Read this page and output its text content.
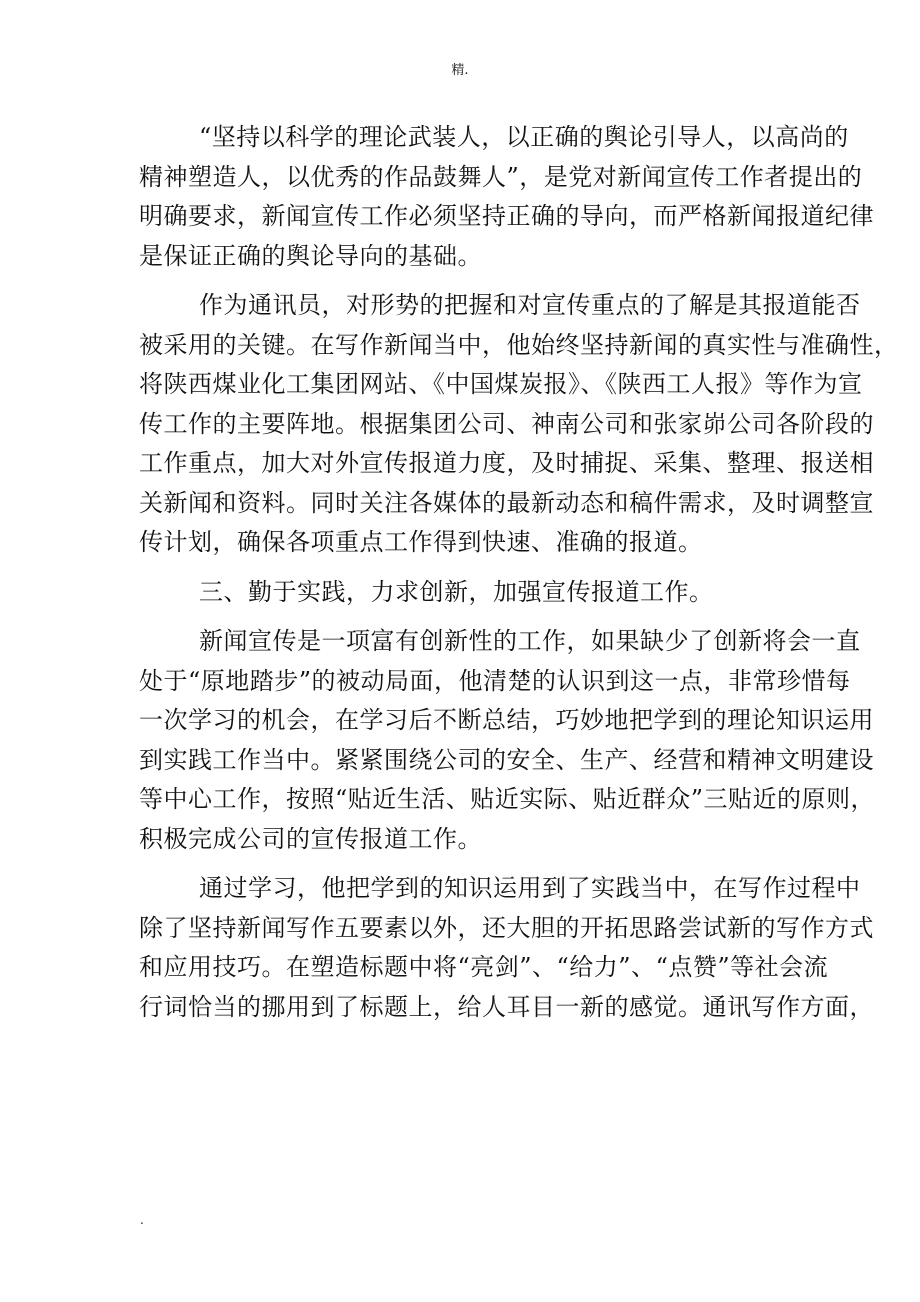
精.
“坚持以科学的理论武装人，以正确的舆论引导人，以高尚的
精神塑造人，以优秀的作品鼓舞人”，是党对新闻宣传工作者提出的
明确要求，新闻宣传工作必须坚持正确的导向，而严格新闻报道纪律
是保证正确的舆论导向的基础。
作为通讯员，对形势的把握和对宣传重点的了解是其报道能否
被采用的关键。在写作新闻当中，他始终坚持新闻的真实性与准确性，
将陕西煤业化工集团网站、《中国煤炭报》、《陕西工人报》等作为宣
传工作的主要阵地。根据集团公司、神南公司和张家峁公司各阶段的
工作重点，加大对外宣传报道力度，及时捕捉、采集、整理、报送相
关新闻和资料。同时关注各媒体的最新动态和稿件需求，及时调整宣
传计划，确保各项重点工作得到快速、准确的报道。
三、勤于实践，力求创新，加强宣传报道工作。
新闻宣传是一项富有创新性的工作，如果缺少了创新将会一直
处于“原地踏步”的被动局面，他清楚的认识到这一点，非常珍惜每
一次学习的机会，在学习后不断总结，巧妙地把学到的理论知识运用
到实践工作当中。紧紧围绕公司的安全、生产、经营和精神文明建设
等中心工作，按照“贴近生活、贴近实际、贴近群众”三贴近的原则，
积极完成公司的宣传报道工作。
通过学习，他把学到的知识运用到了实践当中，在写作过程中
除了坚持新闻写作五要素以外，还大胆的开拓思路尝试新的写作方式
和应用技巧。在塑造标题中将“亮剑”、“给力”、“点赞”等社会流
行词恰当的挪用到了标题上，给人耳目一新的感觉。通讯写作方面，
.
